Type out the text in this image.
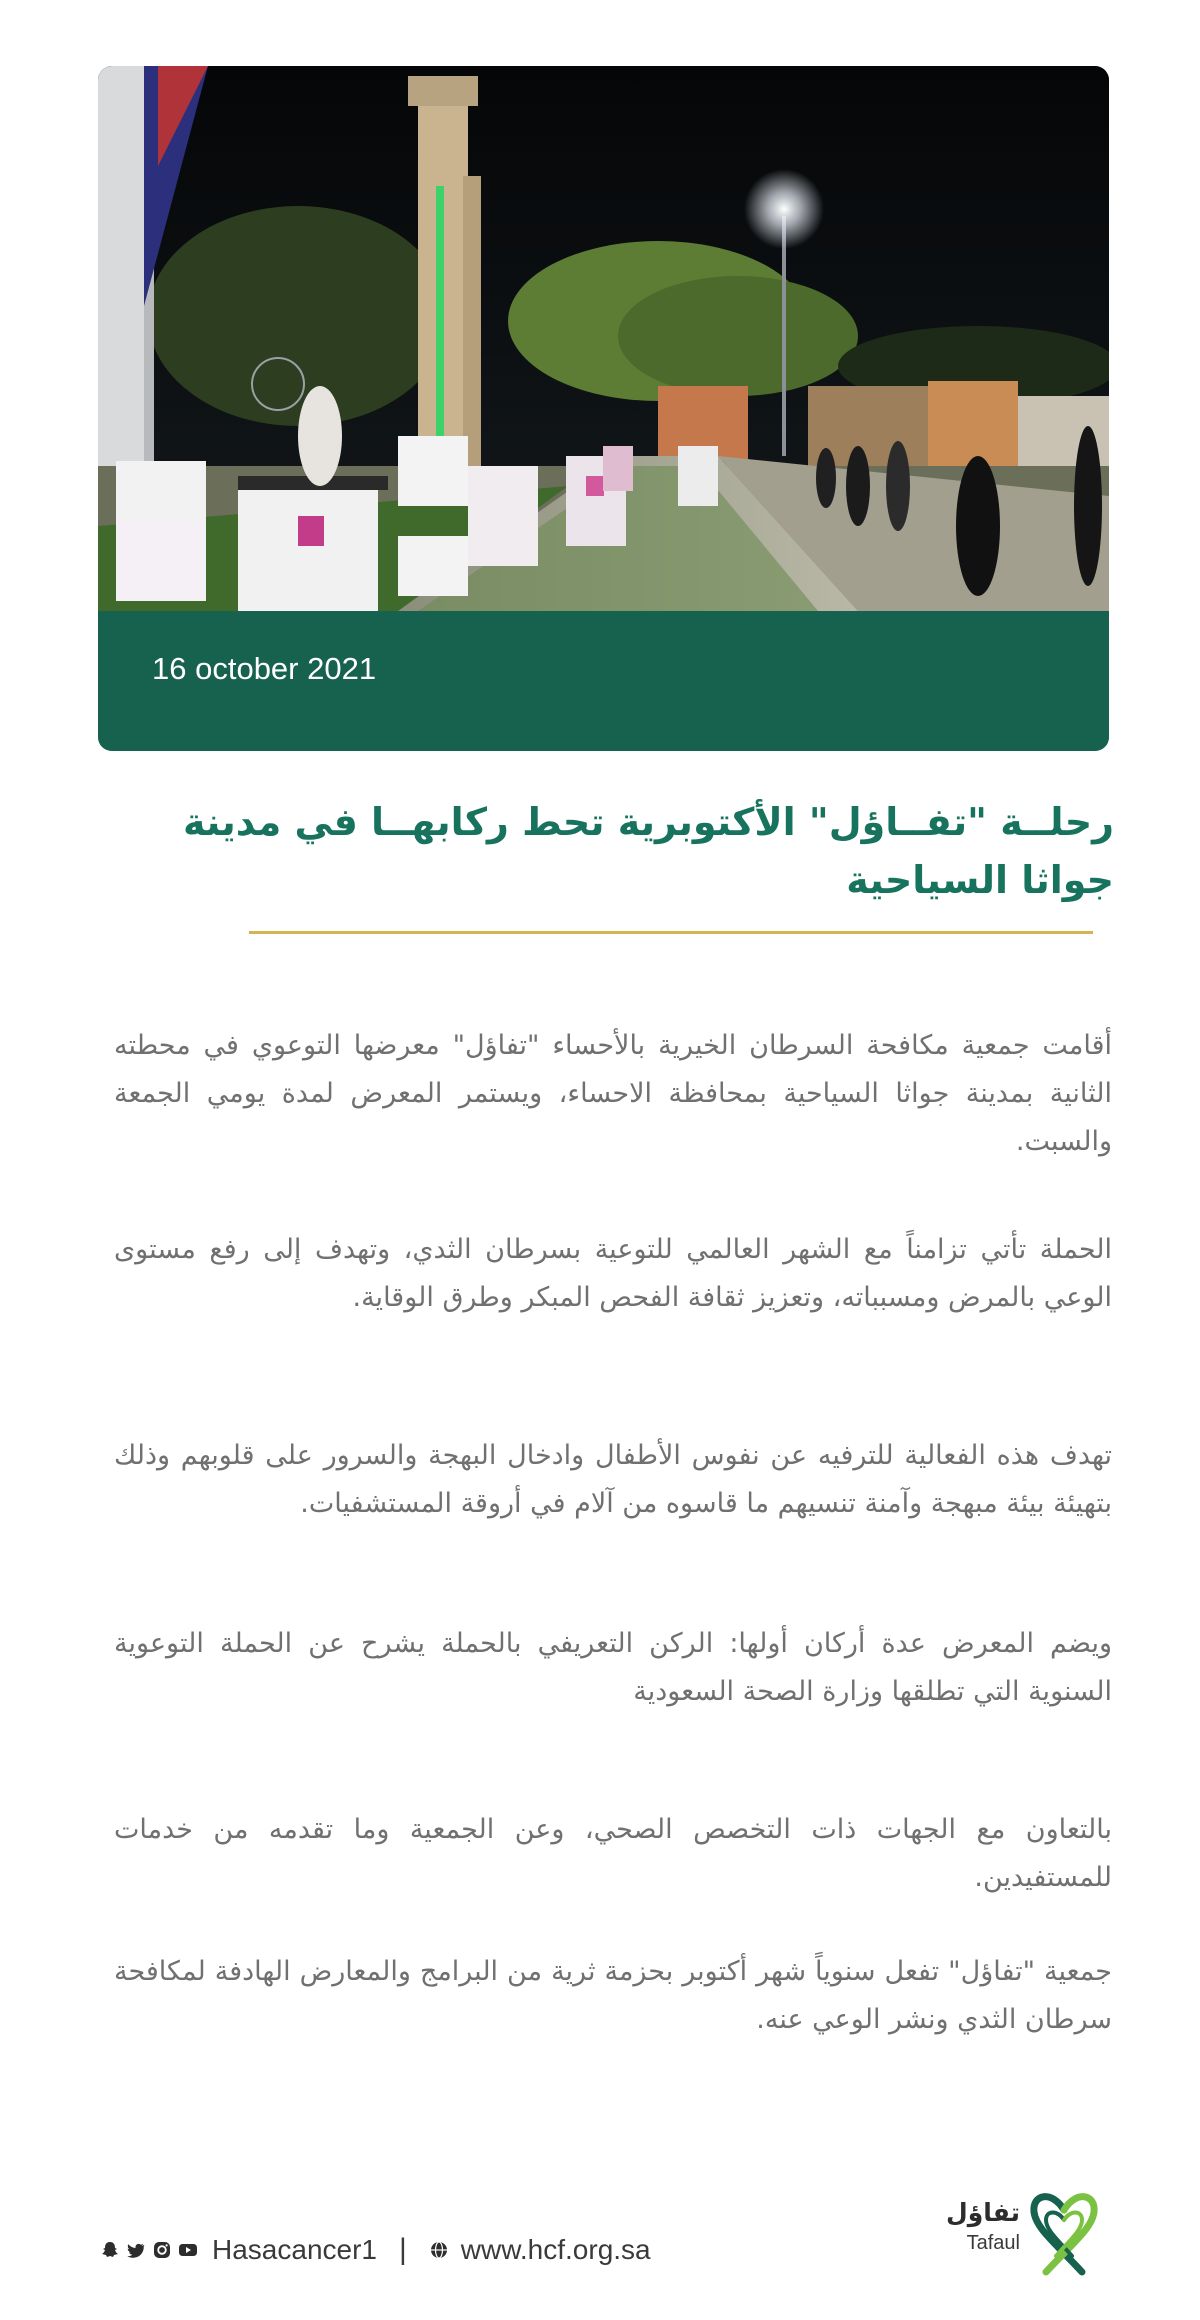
16 october 2021
رحلــة "تفــاؤل" الأكتوبرية تحط ركابهــا في مدينة جواثا السياحية

أقامت جمعية مكافحة السرطان الخيرية بالأحساء "تفاؤل" معرضها التوعوي في محطته الثانية بمدينة جواثا السياحية بمحافظة الاحساء، ويستمر المعرض لمدة يومي الجمعة والسبت.

الحملة تأتي تزامناً مع الشهر العالمي للتوعية بسرطان الثدي، وتهدف إلى رفع مستوى الوعي بالمرض ومسبباته، وتعزيز ثقافة الفحص المبكر وطرق الوقاية.

تهدف هذه الفعالية للترفيه عن نفوس الأطفال وادخال البهجة والسرور على قلوبهم وذلك بتهيئة بيئة مبهجة وآمنة تنسيهم ما قاسوه من آلام في أروقة المستشفيات.

ويضم المعرض عدة أركان أولها: الركن التعريفي بالحملة يشرح عن الحملة التوعوية السنوية التي تطلقها وزارة الصحة السعودية

بالتعاون مع الجهات ذات التخصص الصحي، وعن الجمعية وما تقدمه من خدمات للمستفيدين.

جمعية "تفاؤل" تفعل سنوياً شهر أكتوبر بحزمة ثرية من البرامج والمعارض الهادفة لمكافحة سرطان الثدي ونشر الوعي عنه.

Hasacancer1 | www.hcf.org.sa
تفاؤل
Tafaul
